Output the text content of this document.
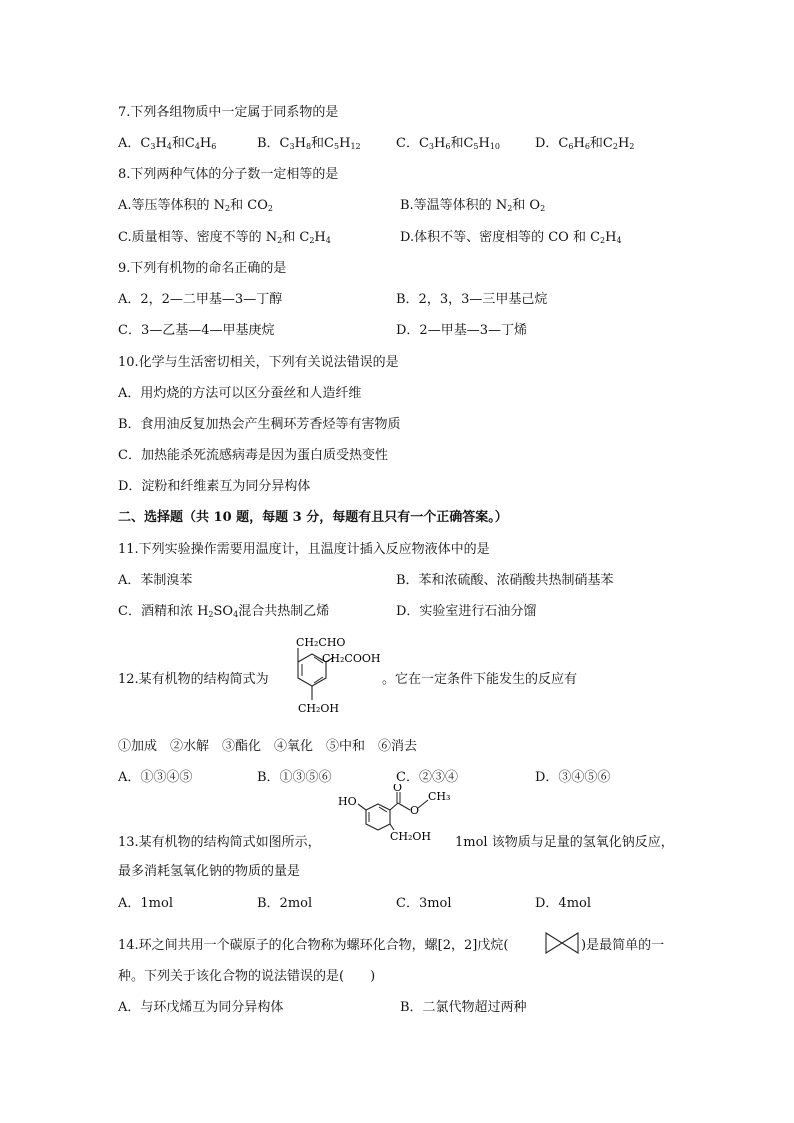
7.下列各组物质中一定属于同系物的是
A．$C_3H_4$和$C_4H_6$	B．$C_3H_8$和$C_5H_{12}$	C．$C_3H_6$和$C_5H_{10}$	D．$C_6H_6$和$C_2H_2$
8.下列两种气体的分子数一定相等的是
A.等压等体积的 $N_2$和 $CO_2$	B.等温等体积的 $N_2$和 $O_2$
C.质量相等、密度不等的 $N_2$和 $C_2H_4$	D.体积不等、密度相等的 CO 和 $C_2H_4$
9.下列有机物的命名正确的是
A．2，2—二甲基—3—丁醇	B．2，3，3—三甲基己烷
C．3—乙基—4—甲基庚烷	D．2—甲基—3—丁烯
10.化学与生活密切相关，下列有关说法错误的是
A．用灼烧的方法可以区分蚕丝和人造纤维
B．食用油反复加热会产生稠环芳香烃等有害物质
C．加热能杀死流感病毒是因为蛋白质受热变性
D．淀粉和纤维素互为同分异构体
二、选择题（共 10 题，每题 3 分，每题有且只有一个正确答案。）
11.下列实验操作需要用温度计，且温度计插入反应物液体中的是
A．苯制溴苯	B．苯和浓硫酸、浓硝酸共热制硝基苯
C．酒精和浓 $H_2SO_4$混合共热制乙烯	D．实验室进行石油分馏
12.某有机物的结构简式为
CH₂CHO
CH₂COOH
CH₂OH
。它在一定条件下能发生的反应有
①加成　②水解　③酯化　④氧化　⑤中和　⑥消去
A．①③④⑤	B．①③⑤⑥	C．②③④	D．③④⑤⑥
13.某有机物的结构简式如图所示，
HO
O
O
CH₃
CH₂OH 1mol 该物质与足量的氢氧化钠反应，
最多消耗氢氧化钠的物质的量是
A．1mol	B．2mol	C．3mol	D．4mol
14.环之间共用一个碳原子的化合物称为螺环化合物，螺[2，2]戊烷(	)是最简单的一
种。下列关于该化合物的说法错误的是(　　)
A．与环戊烯互为同分异构体	B．二氯代物超过两种
